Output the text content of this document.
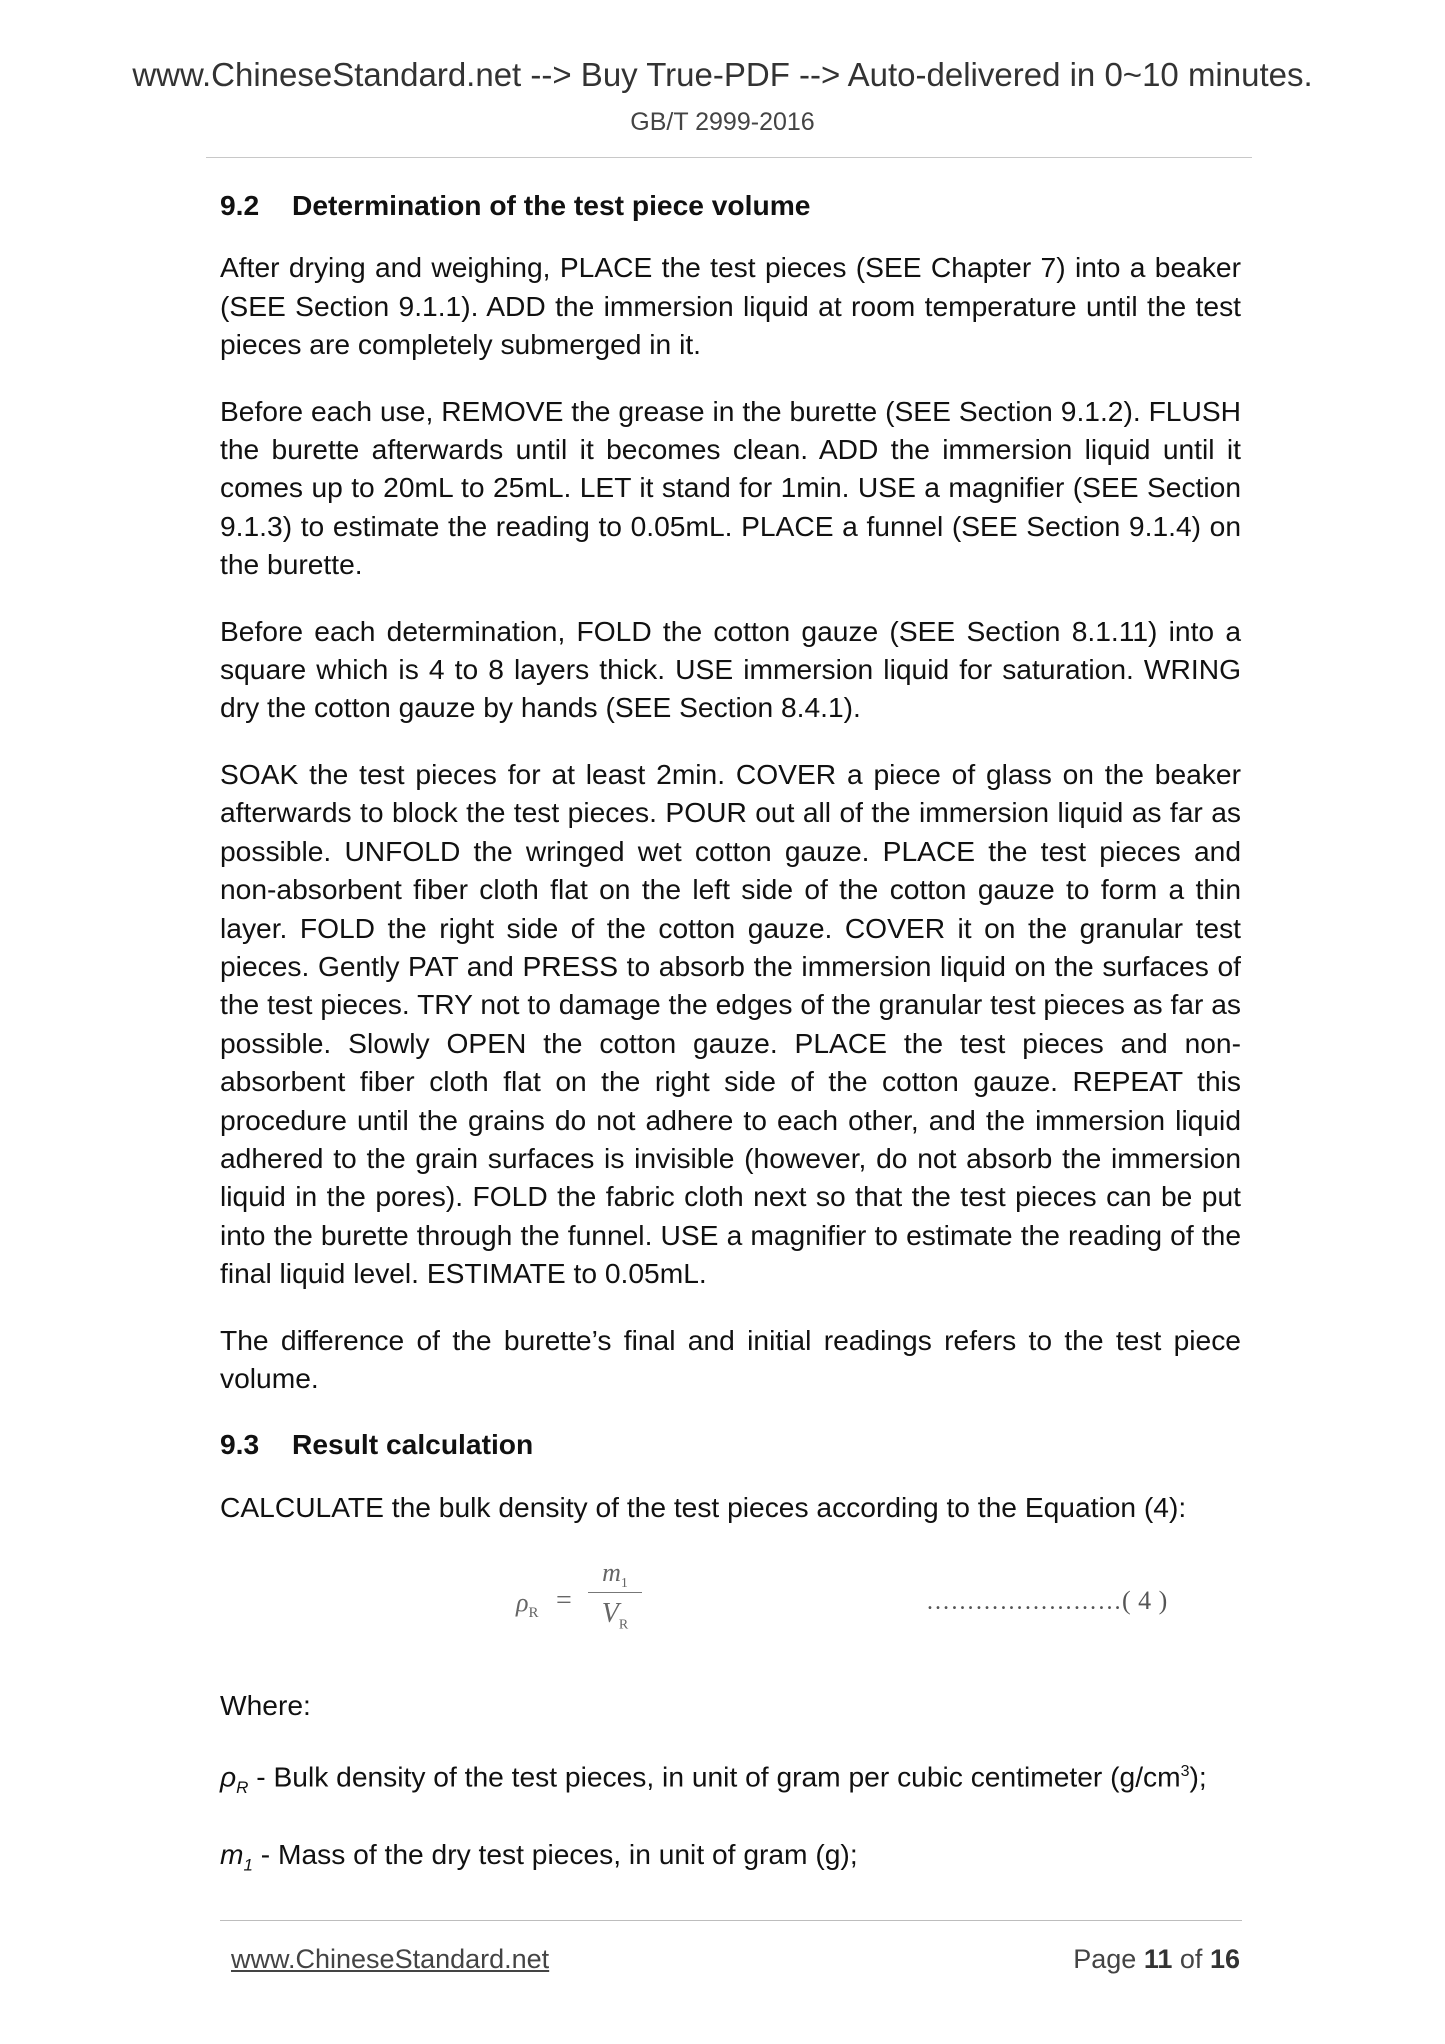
www.ChineseStandard.net --> Buy True-PDF --> Auto-delivered in 0~10 minutes.
GB/T 2999-2016
9.2 Determination of the test piece volume

After drying and weighing, PLACE the test pieces (SEE Chapter 7) into a beaker (SEE Section 9.1.1). ADD the immersion liquid at room temperature until the test pieces are completely submerged in it.

Before each use, REMOVE the grease in the burette (SEE Section 9.1.2). FLUSH the burette afterwards until it becomes clean. ADD the immersion liquid until it comes up to 20mL to 25mL. LET it stand for 1min. USE a magnifier (SEE Section 9.1.3) to estimate the reading to 0.05mL. PLACE a funnel (SEE Section 9.1.4) on the burette.

Before each determination, FOLD the cotton gauze (SEE Section 8.1.11) into a square which is 4 to 8 layers thick. USE immersion liquid for saturation. WRING dry the cotton gauze by hands (SEE Section 8.4.1).

SOAK the test pieces for at least 2min. COVER a piece of glass on the beaker afterwards to block the test pieces. POUR out all of the immersion liquid as far as possible. UNFOLD the wringed wet cotton gauze. PLACE the test pieces and non-absorbent fiber cloth flat on the left side of the cotton gauze to form a thin layer. FOLD the right side of the cotton gauze. COVER it on the granular test pieces. Gently PAT and PRESS to absorb the immersion liquid on the surfaces of the test pieces. TRY not to damage the edges of the granular test pieces as far as possible. Slowly OPEN the cotton gauze. PLACE the test pieces and non-absorbent fiber cloth flat on the right side of the cotton gauze. REPEAT this procedure until the grains do not adhere to each other, and the immersion liquid adhered to the grain surfaces is invisible (however, do not absorb the immersion liquid in the pores). FOLD the fabric cloth next so that the test pieces can be put into the burette through the funnel. USE a magnifier to estimate the reading of the final liquid level. ESTIMATE to 0.05mL.

The difference of the burette’s final and initial readings refers to the test piece volume.

9.3 Result calculation

CALCULATE the bulk density of the test pieces according to the Equation (4):

$\rho_R$ =
$m_1$
$V_R$
……………………( 4 )

Where:

$\rho_R$ - Bulk density of the test pieces, in unit of gram per cubic centimeter $(g/cm^3)$;

$m_1$ - Mass of the dry test pieces, in unit of gram (g);

www.ChineseStandard.net	Page 11 of 16
